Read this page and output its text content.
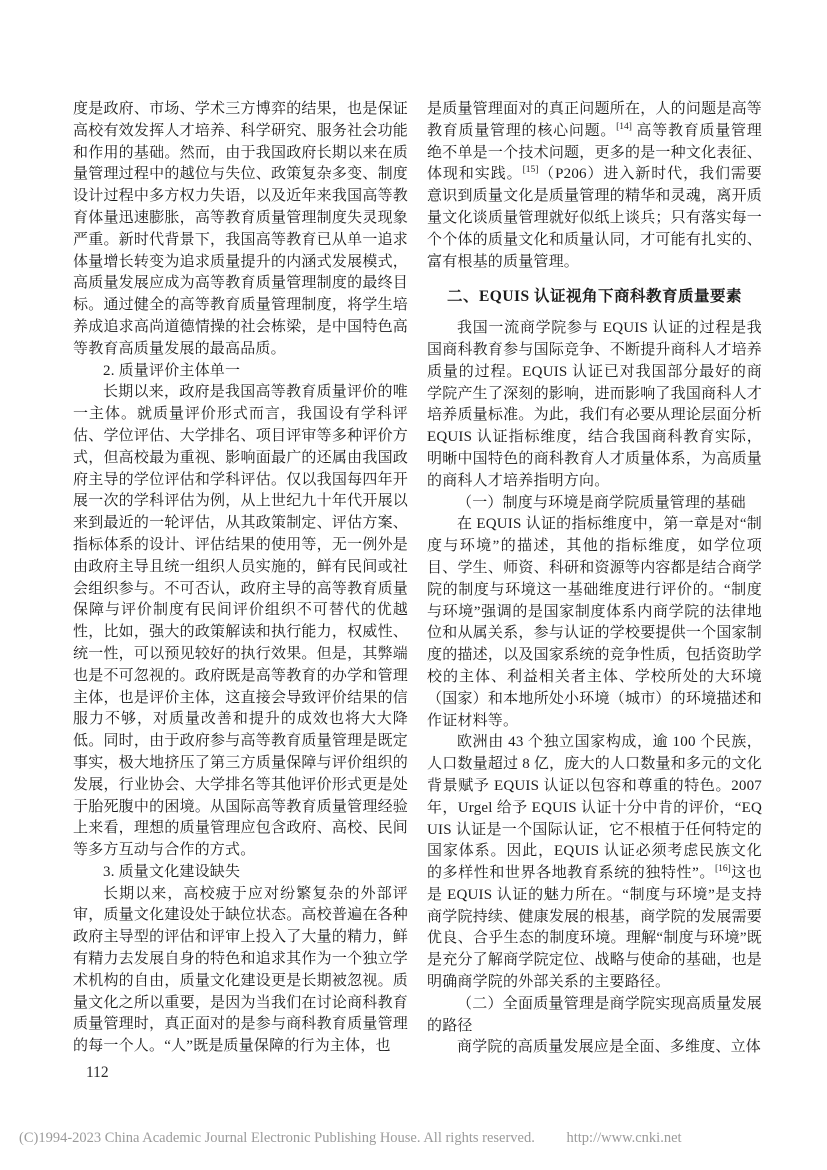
度是政府、市场、学术三方博弈的结果，也是保证高校有效发挥人才培养、科学研究、服务社会功能和作用的基础。然而，由于我国政府长期以来在质量管理过程中的越位与失位、政策复杂多变、制度设计过程中多方权力失语，以及近年来我国高等教育体量迅速膨胀，高等教育质量管理制度失灵现象严重。新时代背景下，我国高等教育已从单一追求体量增长转变为追求质量提升的内涵式发展模式，高质量发展应成为高等教育质量管理制度的最终目标。通过健全的高等教育质量管理制度，将学生培养成追求高尚道德情操的社会栋梁，是中国特色高等教育高质量发展的最高品质。

2. 质量评价主体单一

长期以来，政府是我国高等教育质量评价的唯一主体。就质量评价形式而言，我国设有学科评估、学位评估、大学排名、项目评审等多种评价方式，但高校最为重视、影响面最广的还属由我国政府主导的学位评估和学科评估。仅以我国每四年开展一次的学科评估为例，从上世纪九十年代开展以来到最近的一轮评估，从其政策制定、评估方案、指标体系的设计、评估结果的使用等，无一例外是由政府主导且统一组织人员实施的，鲜有民间或社会组织参与。不可否认，政府主导的高等教育质量保障与评价制度有民间评价组织不可替代的优越性，比如，强大的政策解读和执行能力，权威性、统一性，可以预见较好的执行效果。但是，其弊端也是不可忽视的。政府既是高等教育的办学和管理主体，也是评价主体，这直接会导致评价结果的信服力不够，对质量改善和提升的成效也将大大降低。同时，由于政府参与高等教育质量管理是既定事实，极大地挤压了第三方质量保障与评价组织的发展，行业协会、大学排名等其他评价形式更是处于胎死腹中的困境。从国际高等教育质量管理经验上来看，理想的质量管理应包含政府、高校、民间等多方互动与合作的方式。

3. 质量文化建设缺失

长期以来，高校疲于应对纷繁复杂的外部评审，质量文化建设处于缺位状态。高校普遍在各种政府主导型的评估和评审上投入了大量的精力，鲜有精力去发展自身的特色和追求其作为一个独立学术机构的自由，质量文化建设更是长期被忽视。质量文化之所以重要，是因为当我们在讨论商科教育质量管理时，真正面对的是参与商科教育质量管理的每一个人。“人”既是质量保障的行为主体，也

是质量管理面对的真正问题所在，人的问题是高等教育质量管理的核心问题。[14] 高等教育质量管理绝不单是一个技术问题，更多的是一种文化表征、体现和实践。[15]（P206）进入新时代，我们需要意识到质量文化是质量管理的精华和灵魂，离开质量文化谈质量管理就好似纸上谈兵；只有落实每一个个体的质量文化和质量认同，才可能有扎实的、富有根基的质量管理。

二、EQUIS 认证视角下商科教育质量要素

我国一流商学院参与 EQUIS 认证的过程是我国商科教育参与国际竞争、不断提升商科人才培养质量的过程。EQUIS 认证已对我国部分最好的商学院产生了深刻的影响，进而影响了我国商科人才培养质量标准。为此，我们有必要从理论层面分析 EQUIS 认证指标维度，结合我国商科教育实际，明晰中国特色的商科教育人才质量体系，为高质量的商科人才培养指明方向。

（一）制度与环境是商学院质量管理的基础

在 EQUIS 认证的指标维度中，第一章是对“制度与环境”的描述，其他的指标维度，如学位项目、学生、师资、科研和资源等内容都是结合商学院的制度与环境这一基础维度进行评价的。“制度与环境”强调的是国家制度体系内商学院的法律地位和从属关系，参与认证的学校要提供一个国家制度的描述，以及国家系统的竞争性质，包括资助学校的主体、利益相关者主体、学校所处的大环境（国家）和本地所处小环境（城市）的环境描述和作证材料等。

欧洲由 43 个独立国家构成，逾 100 个民族，人口数量超过 8 亿，庞大的人口数量和多元的文化背景赋予 EQUIS 认证以包容和尊重的特色。2007 年，Urgel 给予 EQUIS 认证十分中肯的评价，“EQUIS 认证是一个国际认证，它不根植于任何特定的国家体系。因此，EQUIS 认证必须考虑民族文化的多样性和世界各地教育系统的独特性”。[16]这也是 EQUIS 认证的魅力所在。“制度与环境”是支持商学院持续、健康发展的根基，商学院的发展需要优良、合乎生态的制度环境。理解“制度与环境”既是充分了解商学院定位、战略与使命的基础，也是明确商学院的外部关系的主要路径。

（二）全面质量管理是商学院实现高质量发展的路径

商学院的高质量发展应是全面、多维度、立体

112
(C)1994-2023 China Academic Journal Electronic Publishing House. All rights reserved. http://www.cnki.net
